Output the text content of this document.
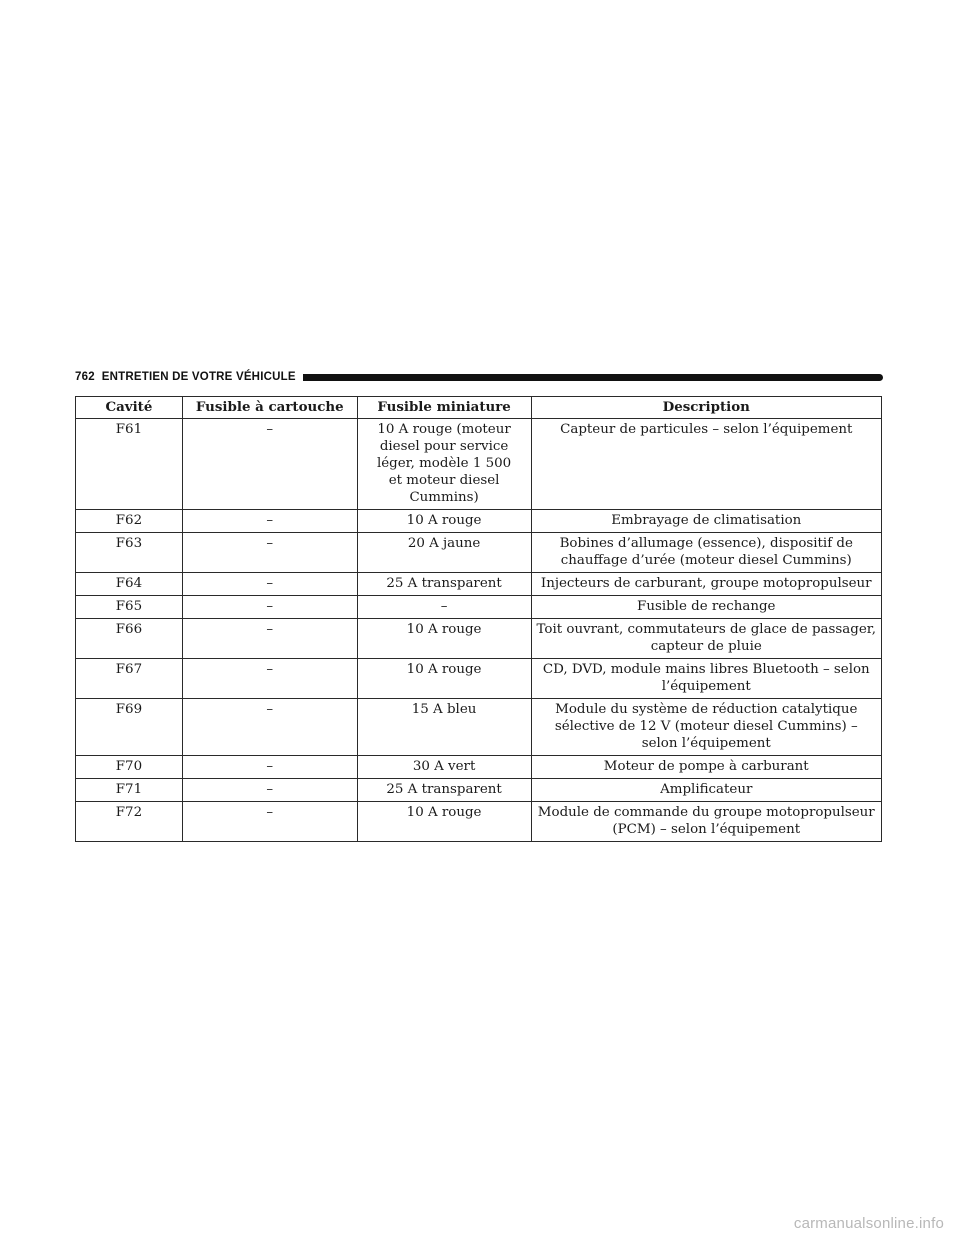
762 ENTRETIEN DE VOTRE VÉHICULE
Cavité	Fusible à cartouche	Fusible miniature	Description
F61	–	10 A rouge (moteur diesel pour service léger, modèle 1 500 et moteur diesel Cummins)	Capteur de particules – selon l’équipement
F62	–	10 A rouge	Embrayage de climatisation
F63	–	20 A jaune	Bobines d’allumage (essence), dispositif de chauffage d’urée (moteur diesel Cummins)
F64	–	25 A transparent	Injecteurs de carburant, groupe motopropulseur
F65	–	–	Fusible de rechange
F66	–	10 A rouge	Toit ouvrant, commutateurs de glace de passager, capteur de pluie
F67	–	10 A rouge	CD, DVD, module mains libres Bluetooth – selon l’équipement
F69	–	15 A bleu	Module du système de réduction catalytique sélective de 12 V (moteur diesel Cummins) – selon l’équipement
F70	–	30 A vert	Moteur de pompe à carburant
F71	–	25 A transparent	Amplificateur
F72	–	10 A rouge	Module de commande du groupe motopropulseur (PCM) – selon l’équipement
carmanualsonline.info
